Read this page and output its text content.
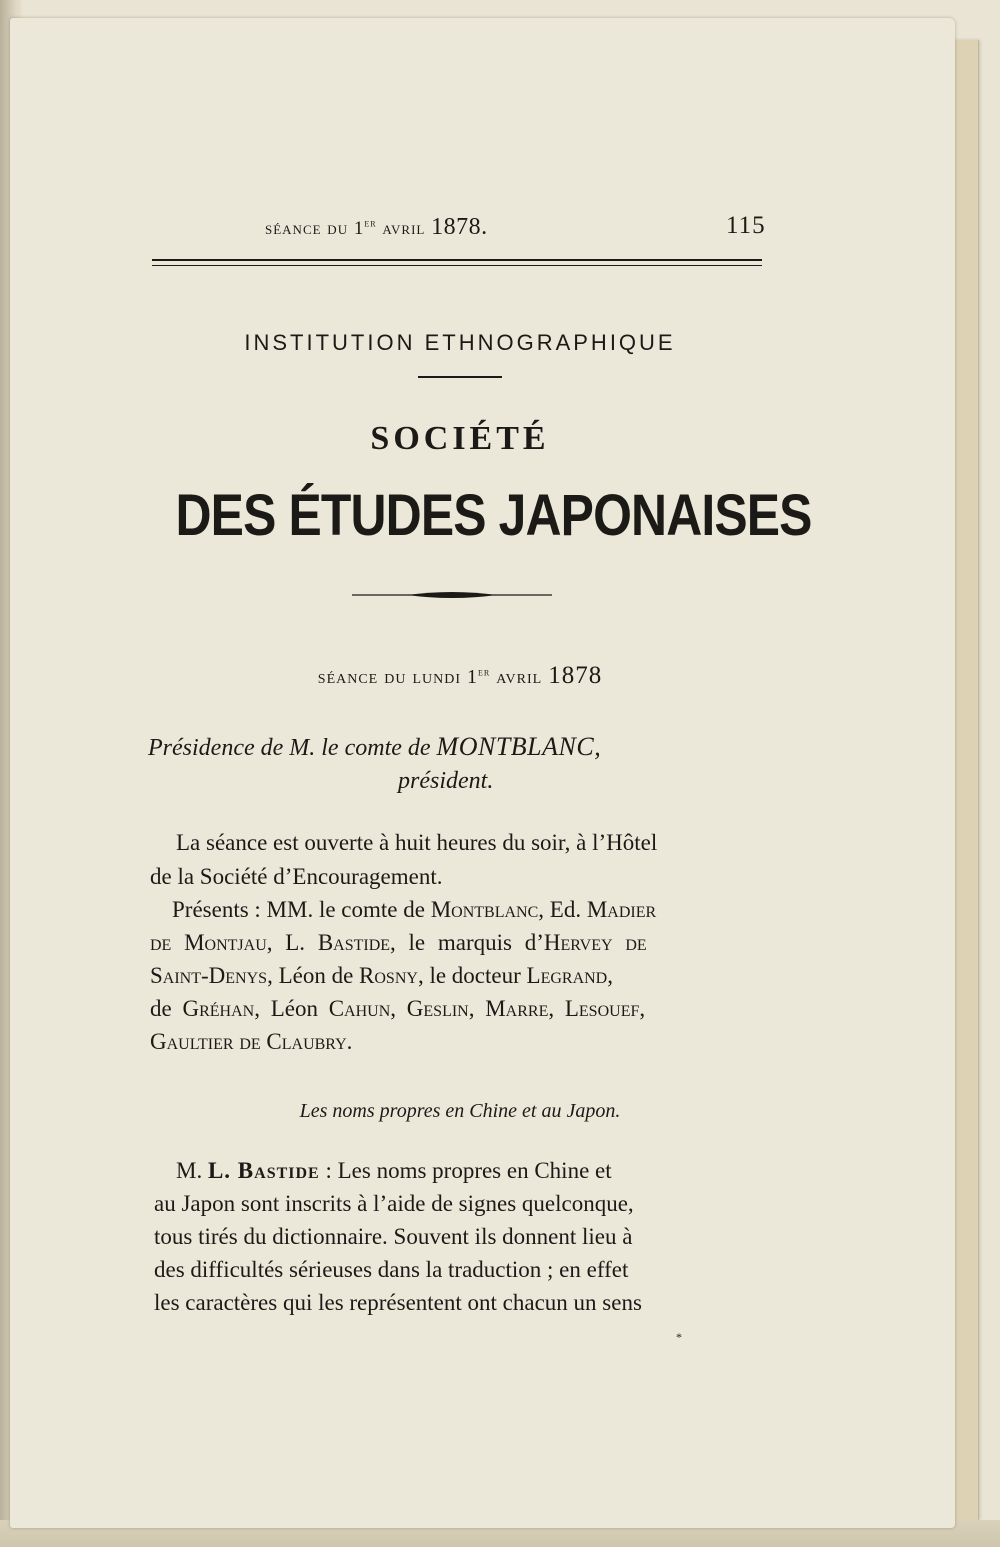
séance du 1er avril 1878.	115
INSTITUTION ETHNOGRAPHIQUE
SOCIÉTÉ
DES ÉTUDES JAPONAISES
séance du lundi 1er avril 1878
Présidence de M. le comte de MONTBLANC,
président.
La séance est ouverte à huit heures du soir, à l’Hôtel
de la Société d’Encouragement.
Présents : MM. le comte de Montblanc, Ed. Madier
de Montjau, L. Bastide, le marquis d’Hervey de
Saint-Denys, Léon de Rosny, le docteur Legrand,
de Gréhan, Léon Cahun, Geslin, Marre, Lesouef,
Gaultier de Claubry.
Les noms propres en Chine et au Japon.
M. L. Bastide : Les noms propres en Chine et
au Japon sont inscrits à l’aide de signes quelconque,
tous tirés du dictionnaire. Souvent ils donnent lieu à
des difficultés sérieuses dans la traduction ; en effet
les caractères qui les représentent ont chacun un sens
*
